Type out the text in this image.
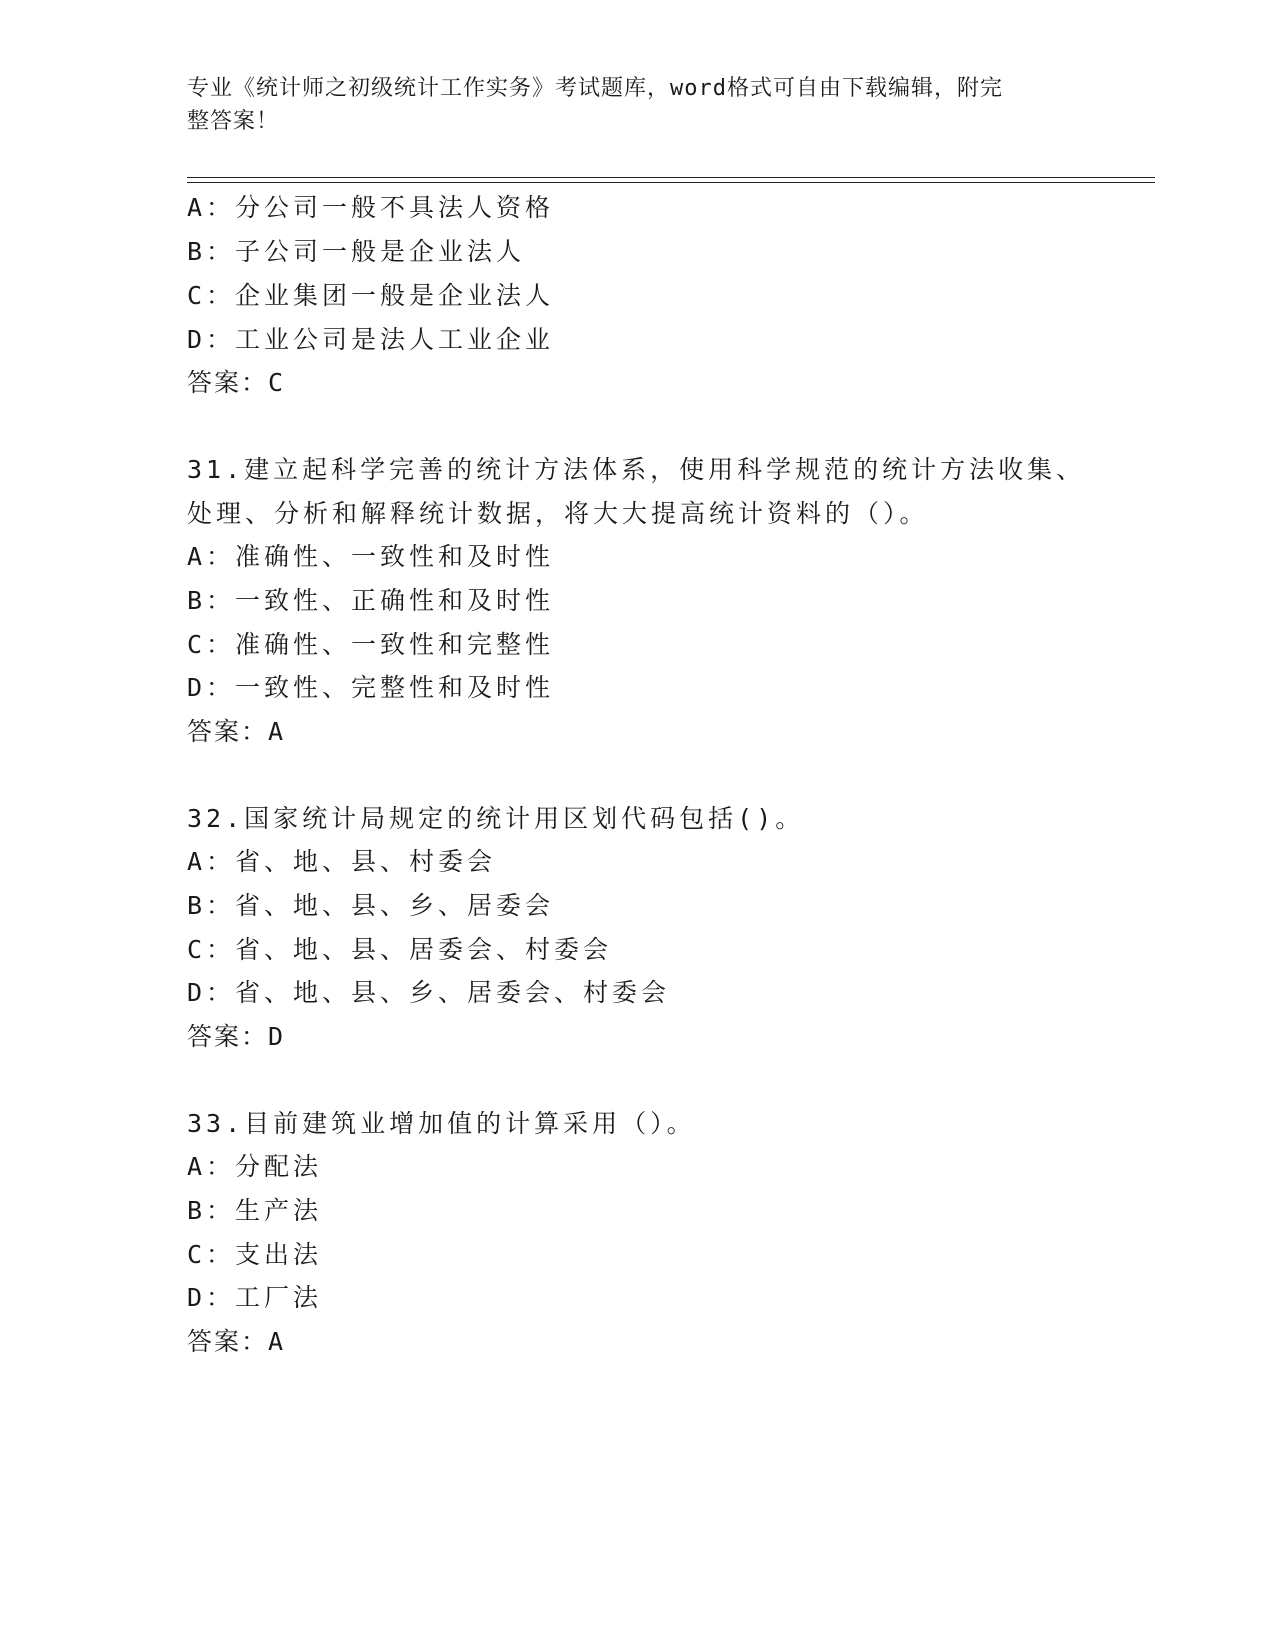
专业《统计师之初级统计工作实务》考试题库，word格式可自由下载编辑，附完
整答案！
A：分公司一般不具法人资格
B：子公司一般是企业法人
C：企业集团一般是企业法人
D：工业公司是法人工业企业
答案：C
31.建立起科学完善的统计方法体系，使用科学规范的统计方法收集、
处理、分析和解释统计数据，将大大提高统计资料的（）。
A：准确性、一致性和及时性
B：一致性、正确性和及时性
C：准确性、一致性和完整性
D：一致性、完整性和及时性
答案：A
32.国家统计局规定的统计用区划代码包括()。
A：省、地、县、村委会
B：省、地、县、乡、居委会
C：省、地、县、居委会、村委会
D：省、地、县、乡、居委会、村委会
答案：D
33.目前建筑业增加值的计算采用（）。
A：分配法
B：生产法
C：支出法
D：工厂法
答案：A
